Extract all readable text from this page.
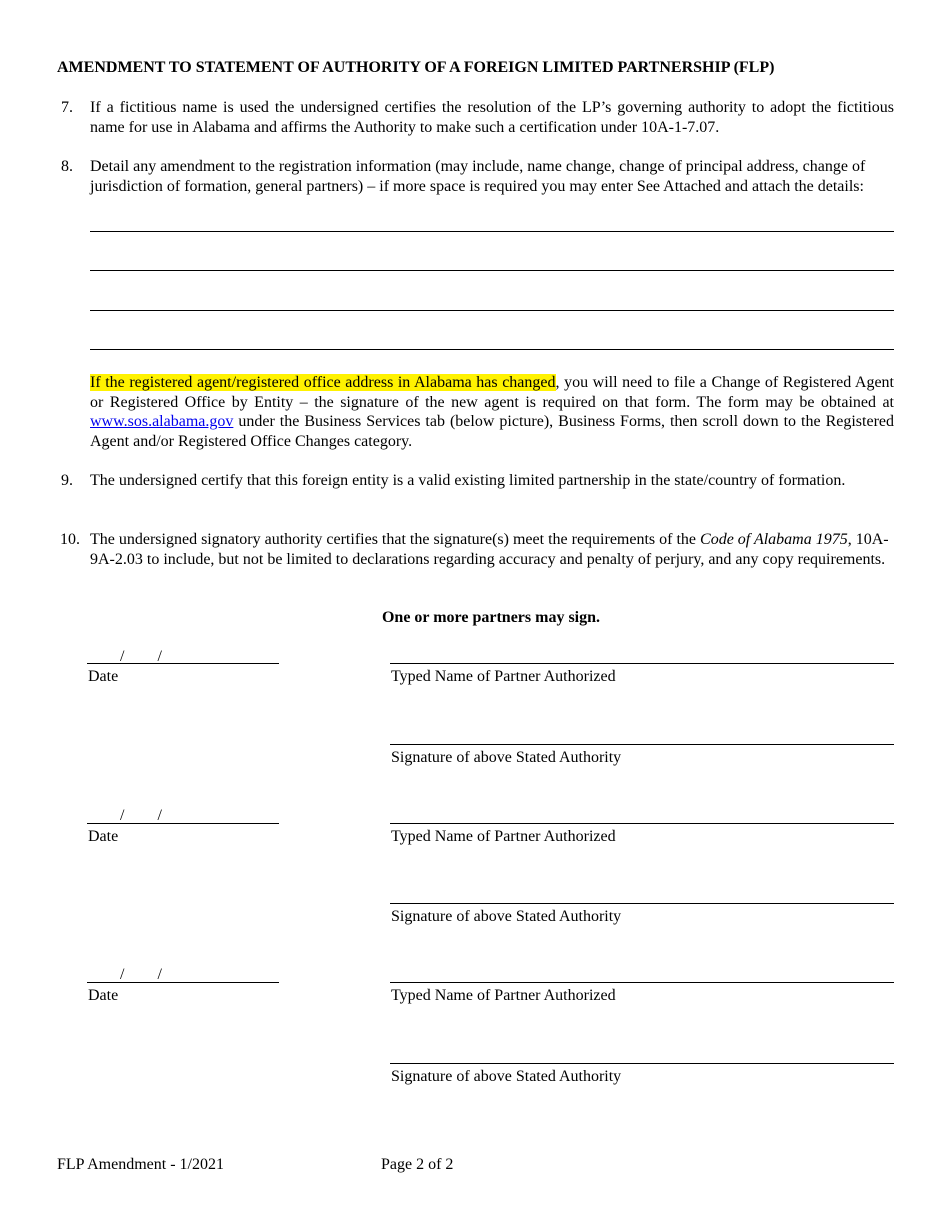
AMENDMENT TO STATEMENT OF AUTHORITY OF A FOREIGN LIMITED PARTNERSHIP (FLP)
7. If a fictitious name is used the undersigned certifies the resolution of the LP’s governing authority to adopt the fictitious name for use in Alabama and affirms the Authority to make such a certification under 10A-1-7.07.
8. Detail any amendment to the registration information (may include, name change, change of principal address, change of jurisdiction of formation, general partners) – if more space is required you may enter See Attached and attach the details:
If the registered agent/registered office address in Alabama has changed, you will need to file a Change of Registered Agent or Registered Office by Entity – the signature of the new agent is required on that form. The form may be obtained at www.sos.alabama.gov under the Business Services tab (below picture), Business Forms, then scroll down to the Registered Agent and/or Registered Office Changes category.
9. The undersigned certify that this foreign entity is a valid existing limited partnership in the state/country of formation.
10. The undersigned signatory authority certifies that the signature(s) meet the requirements of the Code of Alabama 1975, 10A-9A-2.03 to include, but not be limited to declarations regarding accuracy and penalty of perjury, and any copy requirements.
One or more partners may sign.
/ /
Date	Typed Name of Partner Authorized
Signature of above Stated Authority
/ /
Date	Typed Name of Partner Authorized
Signature of above Stated Authority
/ /
Date	Typed Name of Partner Authorized
Signature of above Stated Authority
FLP Amendment - 1/2021	Page 2 of 2
